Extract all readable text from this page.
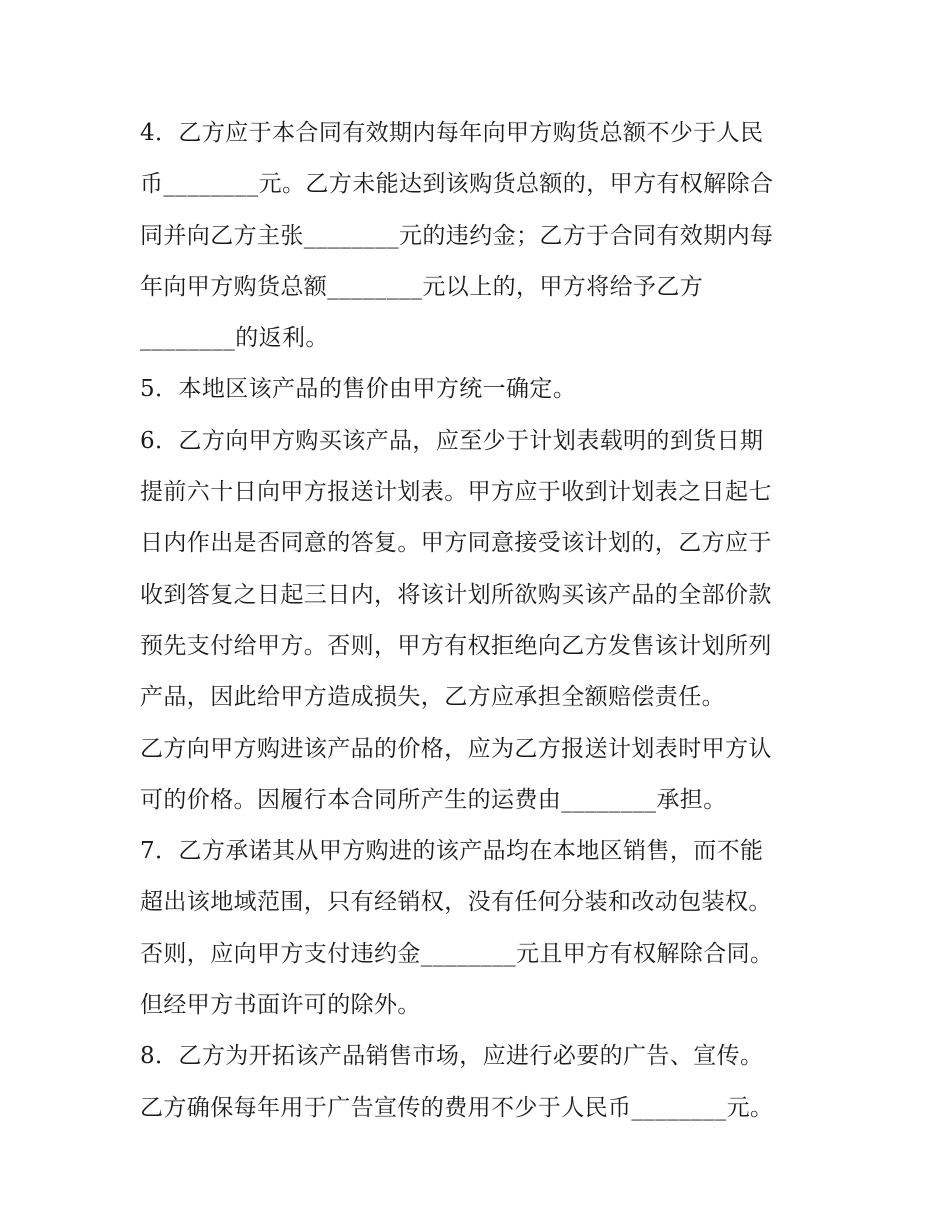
4．乙方应于本合同有效期内每年向甲方购货总额不少于人民
币________元。乙方未能达到该购货总额的，甲方有权解除合
同并向乙方主张________元的违约金；乙方于合同有效期内每
年向甲方购货总额________元以上的，甲方将给予乙方
________的返利。
5．本地区该产品的售价由甲方统一确定。
6．乙方向甲方购买该产品，应至少于计划表载明的到货日期
提前六十日向甲方报送计划表。甲方应于收到计划表之日起七
日内作出是否同意的答复。甲方同意接受该计划的，乙方应于
收到答复之日起三日内，将该计划所欲购买该产品的全部价款
预先支付给甲方。否则，甲方有权拒绝向乙方发售该计划所列
产品，因此给甲方造成损失，乙方应承担全额赔偿责任。
乙方向甲方购进该产品的价格，应为乙方报送计划表时甲方认
可的价格。因履行本合同所产生的运费由________承担。
7．乙方承诺其从甲方购进的该产品均在本地区销售，而不能
超出该地域范围，只有经销权，没有任何分装和改动包装权。
否则，应向甲方支付违约金________元且甲方有权解除合同。
但经甲方书面许可的除外。
8．乙方为开拓该产品销售市场，应进行必要的广告、宣传。
乙方确保每年用于广告宣传的费用不少于人民币________元。
